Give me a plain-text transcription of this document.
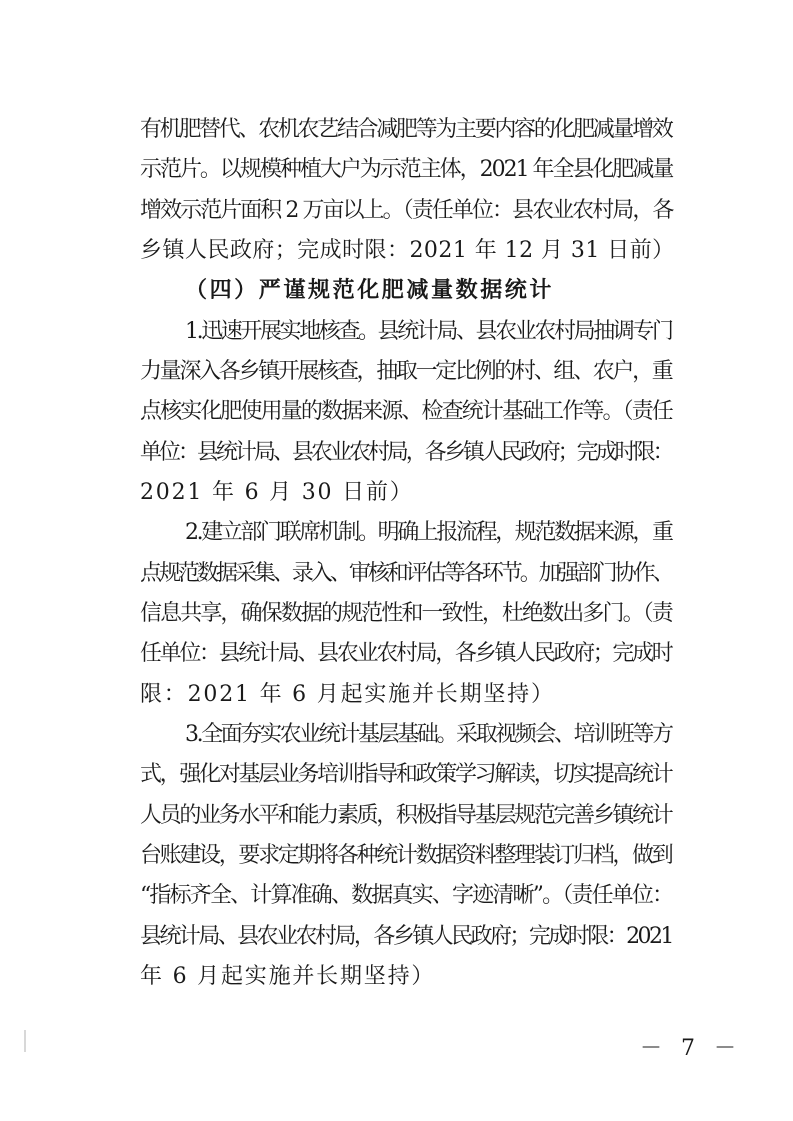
有机肥替代、农机农艺结合减肥等为主要内容的化肥减量增效
示范片。以规模种植大户为示范主体，2021 年全县化肥减量
增效示范片面积 2 万亩以上。（责任单位：县农业农村局，各
乡镇人民政府；完成时限：2021 年 12 月 31 日前）
（四）严谨规范化肥减量数据统计
1.迅速开展实地核查。县统计局、县农业农村局抽调专门
力量深入各乡镇开展核查，抽取一定比例的村、组、农户，重
点核实化肥使用量的数据来源、检查统计基础工作等。（责任
单位：县统计局、县农业农村局，各乡镇人民政府；完成时限：
2021 年 6 月 30 日前）
2.建立部门联席机制。明确上报流程，规范数据来源，重
点规范数据采集、录入、审核和评估等各环节。加强部门协作、
信息共享，确保数据的规范性和一致性，杜绝数出多门。（责
任单位：县统计局、县农业农村局，各乡镇人民政府；完成时
限：2021 年 6 月起实施并长期坚持）
3.全面夯实农业统计基层基础。采取视频会、培训班等方
式，强化对基层业务培训指导和政策学习解读，切实提高统计
人员的业务水平和能力素质，积极指导基层规范完善乡镇统计
台账建设，要求定期将各种统计数据资料整理装订归档，做到
“指标齐全、计算准确、数据真实、字迹清晰”。（责任单位：
县统计局、县农业农村局，各乡镇人民政府；完成时限：2021
年 6 月起实施并长期坚持）
－ 7 －
